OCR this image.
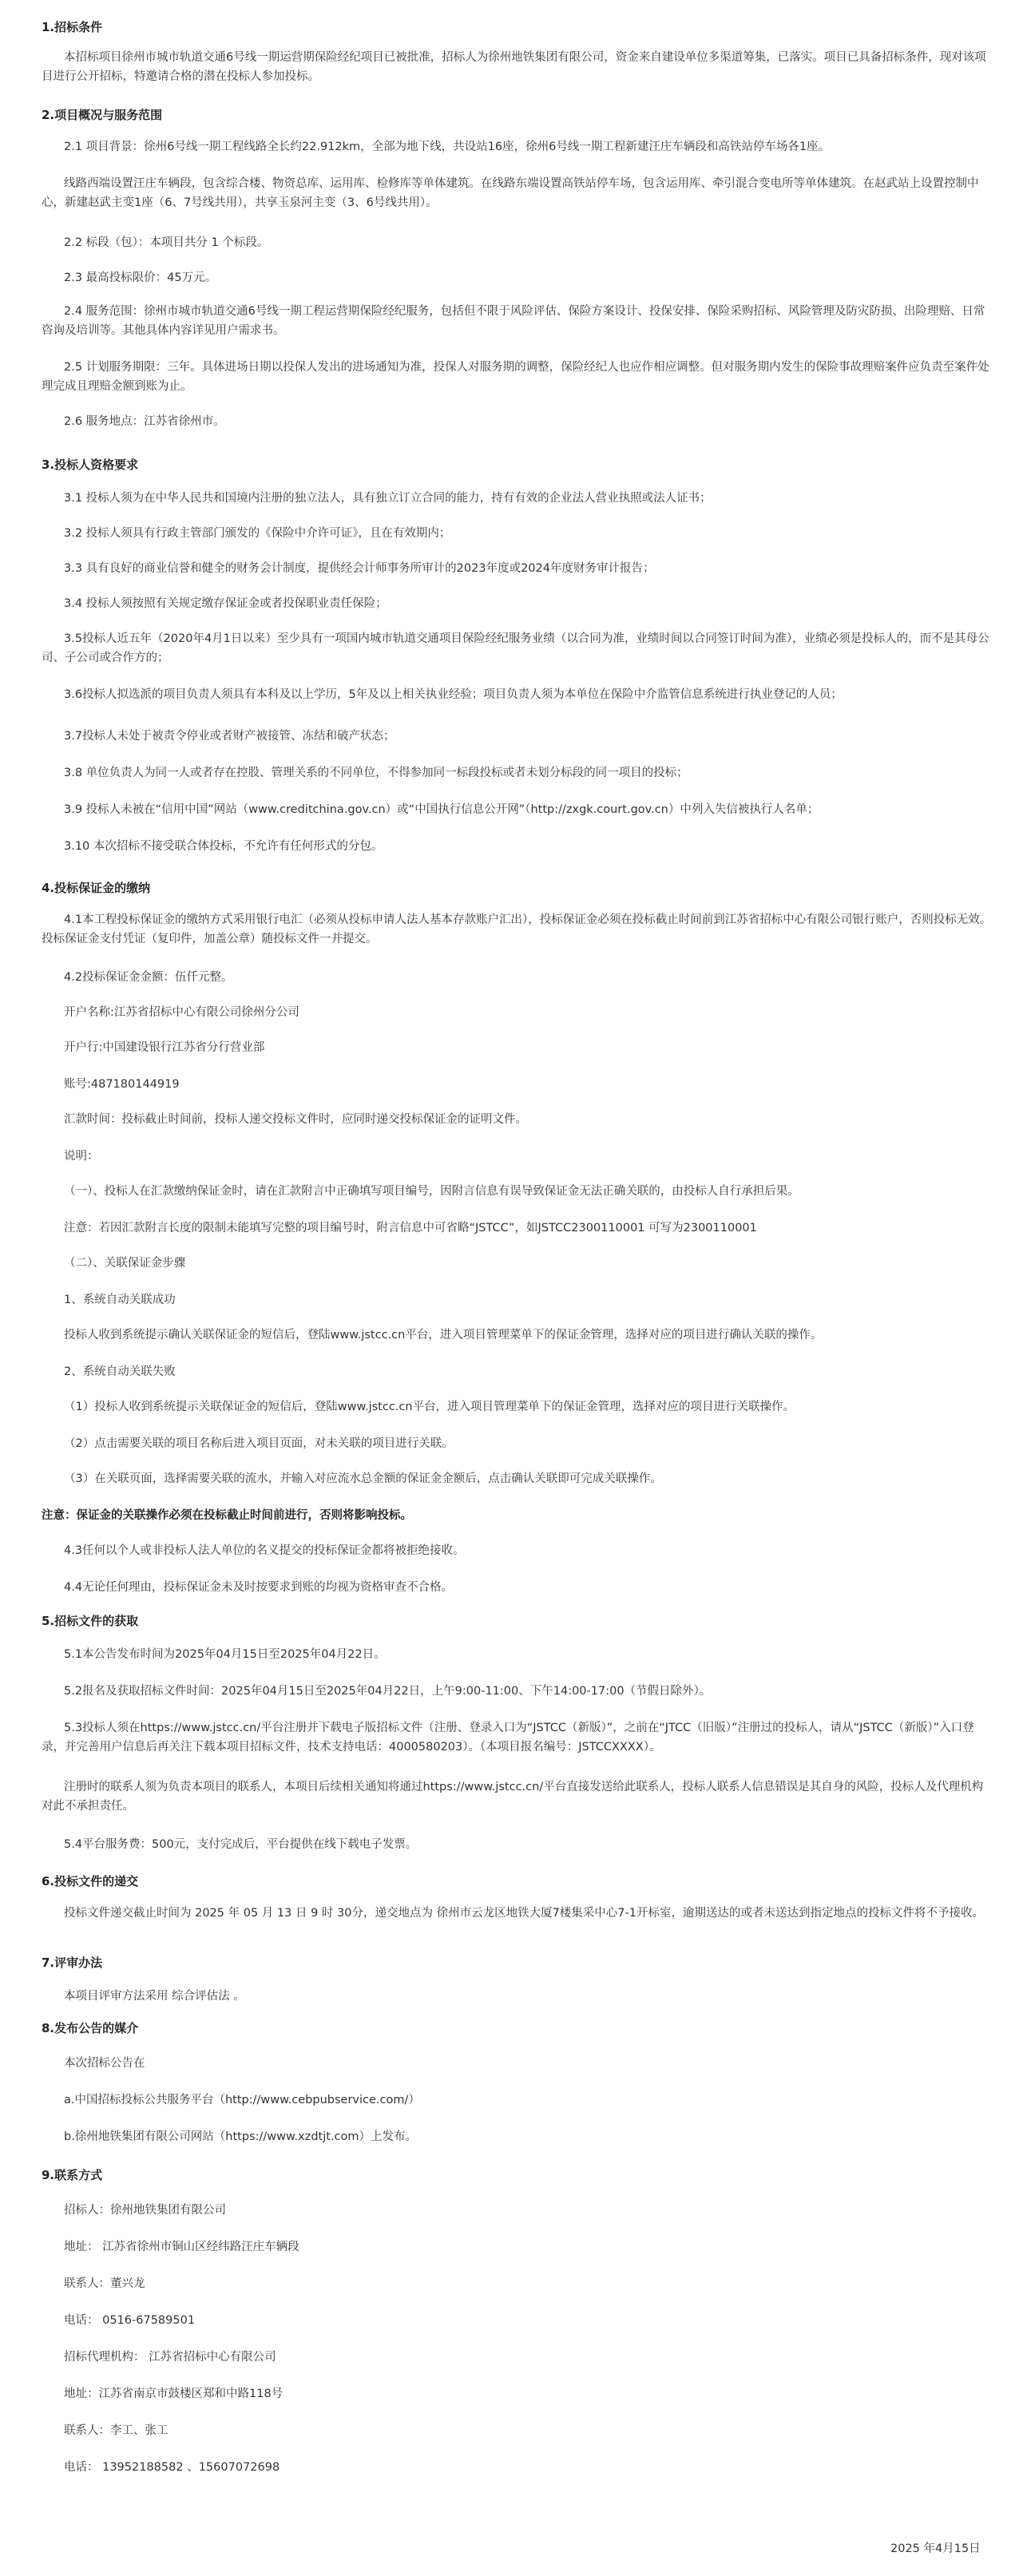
1.招标条件
本招标项目徐州市城市轨道交通6号线一期运营期保险经纪项目已被批准，招标人为徐州地铁集团有限公司，资金来自建设单位多渠道筹集，已落实。项目已具备招标条件，现对该项目进行公开招标，特邀请合格的潜在投标人参加投标。
2.项目概况与服务范围
2.1 项目背景：徐州6号线一期工程线路全长约22.912km，全部为地下线，共设站16座，徐州6号线一期工程新建汪庄车辆段和高铁站停车场各1座。
线路西端设置汪庄车辆段，包含综合楼、物资总库、运用库、检修库等单体建筑。在线路东端设置高铁站停车场，包含运用库、牵引混合变电所等单体建筑。在赵武站上设置控制中心，新建赵武主变1座（6、7号线共用），共享玉泉河主变（3、6号线共用）。
2.2 标段（包）：本项目共分 1 个标段。
2.3 最高投标限价：45万元。
2.4 服务范围：徐州市城市轨道交通6号线一期工程运营期保险经纪服务，包括但不限于风险评估、保险方案设计、投保安排、保险采购招标、风险管理及防灾防损、出险理赔、日常咨询及培训等。其他具体内容详见用户需求书。
2.5 计划服务期限：三年。具体进场日期以投保人发出的进场通知为准，投保人对服务期的调整，保险经纪人也应作相应调整。但对服务期内发生的保险事故理赔案件应负责至案件处理完成且理赔金额到账为止。
2.6 服务地点：江苏省徐州市。
3.投标人资格要求
3.1 投标人须为在中华人民共和国境内注册的独立法人，具有独立订立合同的能力，持有有效的企业法人营业执照或法人证书；
3.2 投标人须具有行政主管部门颁发的《保险中介许可证》，且在有效期内；
3.3 具有良好的商业信誉和健全的财务会计制度，提供经会计师事务所审计的2023年度或2024年度财务审计报告；
3.4 投标人须按照有关规定缴存保证金或者投保职业责任保险；
3.5投标人近五年（2020年4月1日以来）至少具有一项国内城市轨道交通项目保险经纪服务业绩（以合同为准，业绩时间以合同签订时间为准），业绩必须是投标人的，而不是其母公司、子公司或合作方的；
3.6投标人拟选派的项目负责人须具有本科及以上学历，5年及以上相关执业经验；项目负责人须为本单位在保险中介监管信息系统进行执业登记的人员；
3.7投标人未处于被责令停业或者财产被接管、冻结和破产状态；
3.8 单位负责人为同一人或者存在控股、管理关系的不同单位，不得参加同一标段投标或者未划分标段的同一项目的投标；
3.9 投标人未被在“信用中国”网站（www.creditchina.gov.cn）或“中国执行信息公开网”（http://zxgk.court.gov.cn）中列入失信被执行人名单；
3.10 本次招标不接受联合体投标，不允许有任何形式的分包。
4.投标保证金的缴纳
4.1本工程投标保证金的缴纳方式采用银行电汇（必须从投标申请人法人基本存款账户汇出），投标保证金必须在投标截止时间前到江苏省招标中心有限公司银行账户，否则投标无效。投标保证金支付凭证（复印件，加盖公章）随投标文件一并提交。
4.2投标保证金金额：伍仟元整。
开户名称:江苏省招标中心有限公司徐州分公司
开户行:中国建设银行江苏省分行营业部
账号:487180144919
汇款时间：投标截止时间前，投标人递交投标文件时，应同时递交投标保证金的证明文件。
说明：
（一）、投标人在汇款缴纳保证金时，请在汇款附言中正确填写项目编号，因附言信息有误导致保证金无法正确关联的，由投标人自行承担后果。
注意：若因汇款附言长度的限制未能填写完整的项目编号时，附言信息中可省略“JSTCC”，如JSTCC2300110001 可写为2300110001
（二）、关联保证金步骤
1、系统自动关联成功
投标人收到系统提示确认关联保证金的短信后，登陆www.jstcc.cn平台，进入项目管理菜单下的保证金管理，选择对应的项目进行确认关联的操作。
2、系统自动关联失败
（1）投标人收到系统提示关联保证金的短信后，登陆www.jstcc.cn平台，进入项目管理菜单下的保证金管理，选择对应的项目进行关联操作。
（2）点击需要关联的项目名称后进入项目页面，对未关联的项目进行关联。
（3）在关联页面，选择需要关联的流水，并输入对应流水总金额的保证金金额后，点击确认关联即可完成关联操作。
注意：保证金的关联操作必须在投标截止时间前进行，否则将影响投标。
4.3任何以个人或非投标人法人单位的名义提交的投标保证金都将被拒绝接收。
4.4无论任何理由，投标保证金未及时按要求到账的均视为资格审查不合格。
5.招标文件的获取
5.1本公告发布时间为2025年04月15日至2025年04月22日。
5.2报名及获取招标文件时间：2025年04月15日至2025年04月22日，上午9:00-11:00、下午14:00-17:00（节假日除外）。
5.3投标人须在https://www.jstcc.cn/平台注册并下载电子版招标文件（注册、登录入口为“JSTCC（新版）”，之前在“JTCC（旧版）”注册过的投标人，请从“JSTCC（新版）”入口登录，并完善用户信息后再关注下载本项目招标文件，技术支持电话：4000580203）。（本项目报名编号：JSTCCXXXX）。
注册时的联系人须为负责本项目的联系人，本项目后续相关通知将通过https://www.jstcc.cn/平台直接发送给此联系人，投标人联系人信息错误是其自身的风险，投标人及代理机构对此不承担责任。
5.4平台服务费：500元，支付完成后，平台提供在线下载电子发票。
6.投标文件的递交
投标文件递交截止时间为 2025 年 05 月 13 日 9 时 30分，递交地点为 徐州市云龙区地铁大厦7楼集采中心7-1开标室，逾期送达的或者未送达到指定地点的投标文件将不予接收。
7.评审办法
本项目评审方法采用 综合评估法 。
8.发布公告的媒介
本次招标公告在
a.中国招标投标公共服务平台（http://www.cebpubservice.com/）
b.徐州地铁集团有限公司网站（https://www.xzdtjt.com）上发布。
9.联系方式
招标人：徐州地铁集团有限公司
地址： 江苏省徐州市铜山区经纬路汪庄车辆段
联系人：董兴龙
电话： 0516-67589501
招标代理机构： 江苏省招标中心有限公司
地址：江苏省南京市鼓楼区郑和中路118号
联系人：李工、张工
电话： 13952188582 、15607072698
2025 年4月15日
